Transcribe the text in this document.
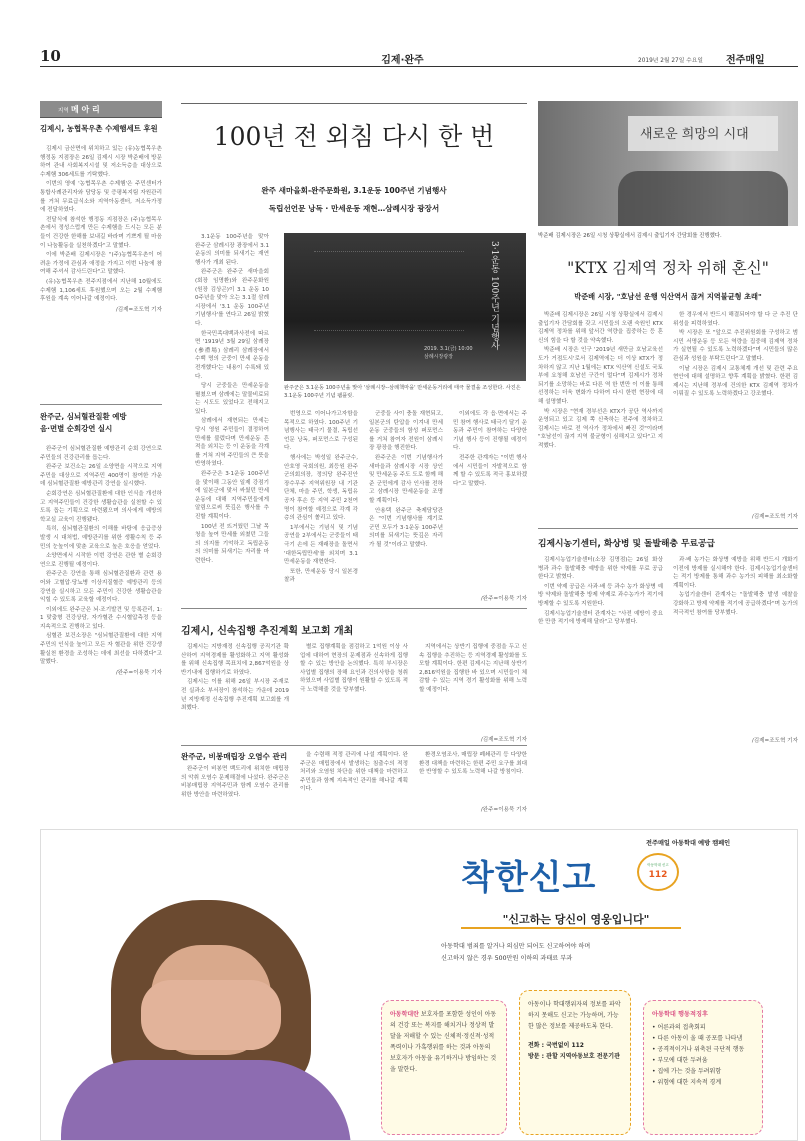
10	김제·완주	2019년 2월 27일 수요일 전주매일
지역 메 아 리
김제시, 농협목우촌 수제햄세트 후원

김제시 금산면에 위치하고 있는 (유)농협목우촌 행정동 지점장은 26일 김제시 시장 박준배에 방문하여 관내 사회복지시설 및 저소득층을 대상으로 수제햄 306세트를 기탁했다.

이번의 영예 '농협목우촌 수제햄'은 주민센터가 통합사례관리자와 담당동 및 증평복지팀 자원관리를 거쳐 무료급식소와 지역아동센터, 저소득가정에 전달하였다.

전달식에 참석한 행정동 지점장은 (주)농협목우촌에서 정성스럽게 만든 수제햄을 드시는 모든 분들이 건강한 한해를 보내길 바라며 기쁘게 될 마음이 나눔활동을 실천하겠다"고 말했다.

이에 박준배 김제시장은 "(주)농협목우촌이 어려운 가정에 관심과 애정을 가지고 이번 나눔에 참여해 주셔서 감사드린다"고 말했다.

(유)농협목우촌 전주지점에서 지난해 10월에도 수제햄 1,106세트 후원했으며 오는 2월 수제햄 후원을 계속 이어나갈 예정이다.

/김제=조도혁 기자
완주군, 심뇌혈관질환 예방
음·면별 순회강연 실시

완주군이 심뇌혈관질환 예방관리 순회 강연으로 주민들의 건강관리를 돕는다.

완주군 보건소는 26일 소양면을 시작으로 지역주민을 대상으로 지역주민 400명이 참여한 가운데 심뇌혈관질환 예방관리 강연을 실시했다.

순회강연은 심뇌혈관질환에 대한 인식을 개선하고 지역주민들이 건강한 생활습관을 실천할 수 있도록 돕는 기획으로 마련됐으며 의사에게 예방의학교실 교육이 진행됐다.

특히, 심뇌혈관질환의 이해를 바탕에 응급증상 발생 시 대처법, 예방관리를 위한 생활수칙 등 주민의 눈높이에 맞춘 교육으로 높은 호응을 얻었다.

소양면에서 시작한 이번 강연은 관한 별 순회강연으로 진행될 예정이다.

완주군은 강연을 통해 심뇌혈관질환과 관련 용어와 고혈압·당뇨병 이상지질혈증 예방관리 등의 강연을 실시하고 모든 주민이 건강한 생활습관을 익힐 수 있도록 교육할 예정이다.

이외에도 완주군은 뇌·조기발견 및 등록관리, 1:1 맞춤형 건강상담, 자가혈관 수시혈압측정 등을 지속적으로 진행하고 있다.

심혈관 보건소장은 "심뇌혈관질환에 대한 지역주민의 인식을 높이고 모든 자 혈관을 위한 건강생활실천 환경을 조성하는 데에 최선을 다하겠다"고 말했다.

/완주=이용묵 기자
100년 전 외침 다시 한 번
완주 새마을회-완주문화원, 3.1운동 100주년 기념행사
독립선언문 낭독 · 만세운동 재현…삼례시장 광장서

3.1운동 100주년을 맞아 완주군 삼례시장 광장에서 3.1 운동의 의미를 되새기는 재연행사가 개최 된다.

완주군은 완주군 새마을회(회장 임명환)와 완주문화원(원장 김상곤)이 3.1 운동 100주년을 맞아 오는 3.1절 삼례시장에서 '3.1 운동 100주년 기념행사'를 연다고 26일 밝혔다.

한국민족대백과사전에 따르면 '1919년 3월 29일 삼례장(參禮場) 삼례리 삼례장에서 수백 명의 군중이 만세 운동을 전개했다'는 내용이 수록돼 있다.

당시 군중들은 만세운동을 펼쳤으며 삼례에는 말물비료되는 시도도 있었다고 전해지고 있다.

삼례에서 재현되는 만세는 당시 영원 주민들이 결정하여 만세를 불렀다며 만세운동 흔적을 외치는 등 이 운동을 각계를 거쳐 지역 주민들의 큰 뜻을 반영하였다.

완주군은 3·1운동 100주년을 맞이해 그동안 일제 강점기에 일본군에 맞서 싸웠던 만세운동에 대해 지역주민들에게 알림으로써 뜻깊은 행사를 추진할 계획이다.

100년 전 뜨거웠던 그날 목청을 높여 만세를 외쳤던 그들의 의지를 기억하고 독립운동의 의미를 되새기는 자리를 마련한다.

3·1운동 100주년 기념행사
2019. 3.1(금) 10:00
삼례시장광장
완주군은 3.1운동 100주년을 맞아 '삼례시장--삼례책마을' 만세운동거리에 태극 물결을 조성한다. 사진은 3.1운동 100주년 기념 팸플릿.

번영으로 이어나가고자함을 목적으로 하였다. 100주년 기념행사는 태극기 물결, 독립선언문 낭독, 퍼포먼스로 구성된다.

행사에는 박성일 완주군수, 안호영 국회의원, 최등원 완주군의회의장, 정의당 완주진안장수무주 지역위원장 내 기관 단체, 마을 주민, 학생, 독립유공자 후손 등 지역 주민 2천여 명이 참여할 예정으로 각계 각층의 관심이 쏠리고 있다.

1부에서는 기념식 및 기념공연을 2부에서는 군중들이 태극기 손에 든 재래장을 돌면서 '대한독립만세'를 외치며 3.1만세운동을 재현한다.

또한, 만세운동 당시 일본경찰과

군중들 사이 충돌 재현되고, 일본군의 탄압을 이겨내 만세운동 군중들의 함성 퍼포먼스를 거쳐 참여자 전원이 삼례시장 광장을 행진한다.

완주군은 이번 기념행사가 새마을과 삼례시장 시장 상인 및 만세운동 주도 도로 함께 해준 군민에게 감사 인사를 전하고 삼례시장 만세운동을 조명할 계획이다.

안용택 완주군 축제담당관은 "이번 기념행사를 계기로 군민 모두가 3·1운동 100주년 의미를 되새기는 뜻깊은 자리가 될 것"이라고 말했다.

이외에도 각 읍·면에서는 주민 참여 행사로 태극기 달기 운동과 주민이 참여하는 다양한 기념 행사 등이 진행될 예정이다.

전주한 관계자는 "이번 행사에서 시민들이 자발적으로 함께 할 수 있도록 적극 홍보하겠다"고 말했다.

/완주=이용묵 기자
새로운 희망의 시대
박준배 김제시장은 26일 시청 상황실에서 김제시 출입기자 간담회를 진행했다.
"KTX 김제역 정차 위해 혼신"
박준배 시장, "호남선 운행 익산역서 끊겨 지역불균형 초래"

박준배 김제시장은 26일 시청 상황실에서 김제시 출입기자 간담회를 갖고 시민들의 오랜 숙원인 KTX 김제역 정차를 위해 앞서간 역량을 집중하는 등 혼신의 힘을 다 할 것을 약속했다.

박준배 시장은 인구 '2019년 새만금 호남교육선도가 거점도시'로서 김제역에는 더 이상 KTX가 정차하지 않고 지난 1월에는 KTX 익산역 신설도 국토부에 요청해 호남선 구간이 멀다"며 김제시가 정차되기를 소망하는 바로 다른 역 한 번만 이 이를 통해 선정하는 더욱 변화가 다하여 다시 한번 현장에 대해 설명했다.

박 시장은 "현재 경부선은 KTX가 공단 역사까지 운영되고 있고 김제 쪽 신축하는 전주에 정차하고 김제시는 바로 전 역사가 정차에서 빠진 것"이라며 "호남선이 끊겨 지역 불균형이 심해지고 있다"고 지적했다.

한 경우에서 반드시 해결되어야 할 다 군 추진 단위성을 피력하였다.

박 시장은 또 "앞으로 추진위원회를 구성하고 범시민 서명운동 등 모든 역량을 집중해 김제역 정차가 실현될 수 있도록 노력하겠다"며 시민들의 많은 관심과 성원을 부탁드린다"고 말했다.

이날 시장은 김제시 교통체계 개선 및 관련 주요현안에 대해 설명하고 향후 계획을 밝혔다. 한편 김제시는 지난해 정부에 건의한 KTX 김제역 정차가 이뤄질 수 있도록 노력하겠다고 강조했다.

/김제=조도혁 기자
김제시농기센터, 화상병 및 돌발해충 무료공급

김제시농업기술센터(소장 김명점)는 26일 화상병과 과수 돌발해충 예방을 위한 약제를 무료 공급한다고 밝혔다.

이번 약제 공급은 사과·배 등 과수 농가 화상병 예방 약제와 돌발해충 방제 약제로 과수농가가 적기에 방제할 수 있도록 지원한다.

김제시농업기술센터 관계자는 "사전 예방이 중요한 만큼 적기에 방제해 달라"고 당부했다.

과·배 농가는 화상병 예방을 위해 반드시 개화기 이전에 방제를 실시해야 한다. 김제시농업기술센터는 적기 방제를 통해 과수 농가의 피해를 최소화할 계획이다.

농업기술센터 관계자는 "돌발해충 발생 예찰을 강화하고 방제 약제를 적기에 공급하겠다"며 농가의 적극적인 참여를 당부했다.

/김제=조도혁 기자
김제시, 신속집행 추진계획 보고회 개최

김제시는 지방재정 신속집행 공직기관 확산하여 지역경제를 활성화하고 지역 활성화를 위해 신속집행 목표치에 2,867억원을 상반기내에 집행하기로 하였다.

김제시는 이를 위해 26일 부시장 주재로 전 실과소 부서장이 참석하는 가운데 2019년 지방재정 신속집행 추진계획 보고회를 개최했다.

별로 집행계획을 점검하고 1억원 이상 사업에 대하여 현장의 문제점과 신속하게 집행할 수 있는 방안을 논의했다. 특히 부시장은 사업별 집행의 장해 요인과 건의사항을 청취하였으며 사업별 집행이 원활할 수 있도록 적극 노력해줄 것을 당부했다.

지역에서는 상반기 집행에 중점을 두고 신속 집행을 추진하는 등 지역경제 활성화를 도모할 계획이다. 한편 김제시는 지난해 상반기 2,816억원을 집행한 바 있으며 시민들이 체감할 수 있는 지역 경기 활성화를 위해 노력할 예정이다.

/김제=조도혁 기자
완주군, 비봉매립장 오염수 관리

완주군이 비봉면 백도리에 위치한 매립장의 악취 오염수 문제해결에 나섰다. 완주군은 비봉매립장 지역주민과 함께 오염수 관리를 위한 방안을 마련하였다.

을 수렴해 적정 관리에 나설 계획이다. 완주군은 매립장에서 발생하는 침출수의 적정처리와 오염원 차단을 위한 대책을 마련하고 주민들과 함께 지속적인 관리를 해나갈 계획이다.

환경오염조사, 매립장 폐쇄관리 등 다양한 환경 대책을 마련하는 한편 주민 요구를 최대한 반영할 수 있도록 노력해 나갈 방침이다.

/완주=이용묵 기자
전주매일 아동학대 예방 캠페인
착한신고	아동학대 신고
112
"신고하는 당신이 영웅입니다"
아동학대 범죄를 알거나 의심만 되어도 신고하여야 하며
신고하지 않은 경우 500만원 이하의 과태료 부과
아동학대란 보호자를 포함한 성인이 아동의 건강 또는 복지를 해치거나 정상적 발달을 저해할 수 있는 신체적·정신적·성적 폭력이나 가혹행위를 하는 것과 아동의 보호자가 아동을 유기하거나 방임하는 것을 말한다.
아동이나 학대행위자의 정보를 파악하지 못해도 신고는 가능하며, 가능한 많은 정보를 제공하도록 한다.
전화 : 국번없이 112
방문 : 관할 지역아동보호 전문기관
아동학대 행동적징후
• 어른과의 접촉회피
• 다른 아동이 울 때 공포를 나타냄
• 공격적이거나 위축된 극단적 행동
• 부모에 대한 두려움
• 집에 가는 것을 두려워함
• 위험에 대한 지속적 경계
